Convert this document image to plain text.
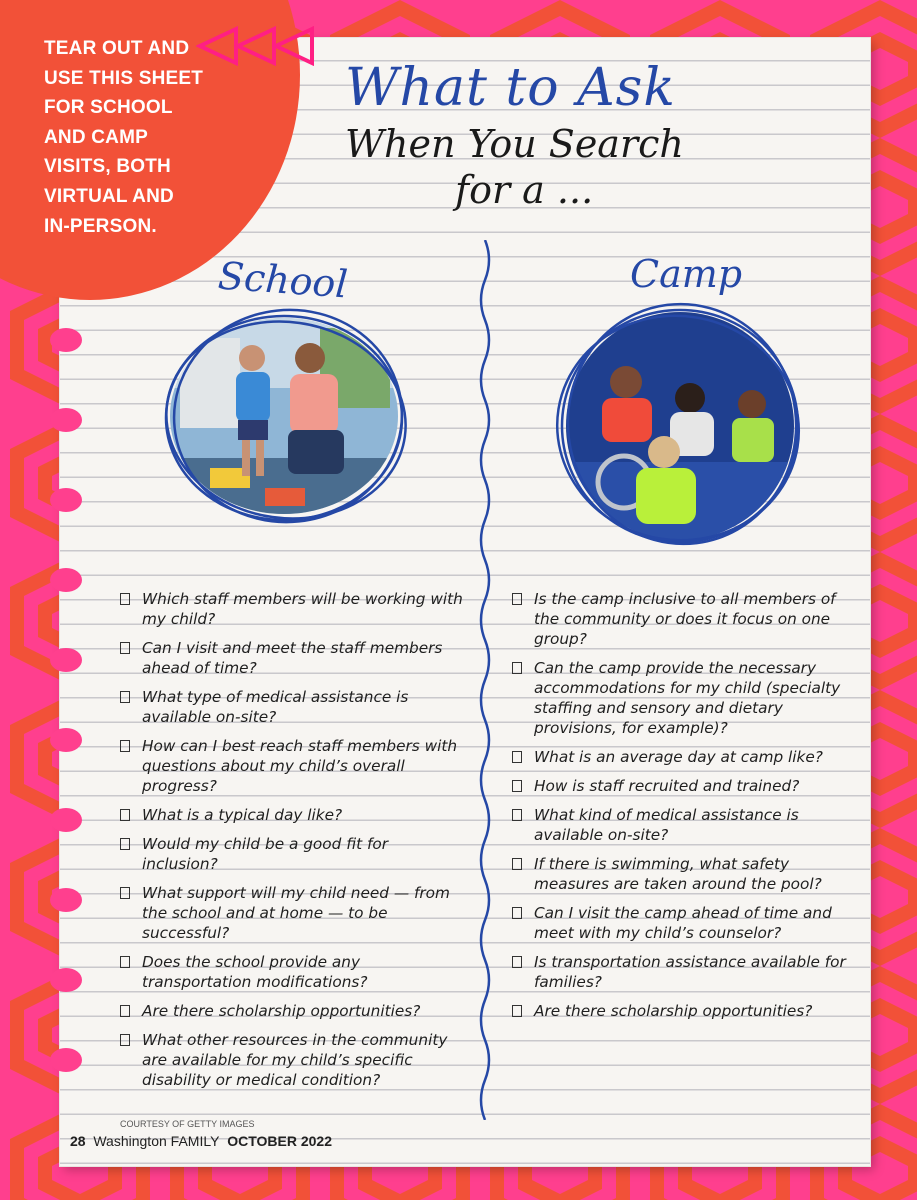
TEAR OUT AND
USE THIS SHEET
FOR SCHOOL
AND CAMP
VISITS, BOTH
VIRTUAL AND
IN-PERSON.
What to Ask
When You Search
for a ...
School	Camp
Which staff members will be working with my child?
Can I visit and meet the staff members ahead of time?
What type of medical assistance is available on-site?
How can I best reach staff members with questions about my child’s overall progress?
What is a typical day like?
Would my child be a good fit for inclusion?
What support will my child need — from the school and at home — to be successful?
Does the school provide any transportation modifications?
Are there scholarship opportunities?
What other resources in the community are available for my child’s specific disability or medical condition?
Is the camp inclusive to all members of the community or does it focus on one group?
Can the camp provide the necessary accommodations for my child (specialty staffing and sensory and dietary provisions, for example)?
What is an average day at camp like?
How is staff recruited and trained?
What kind of medical assistance is available on-site?
If there is swimming, what safety measures are taken around the pool?
Can I visit the camp ahead of time and meet with my child’s counselor?
Is transportation assistance available for families?
Are there scholarship opportunities?
COURTESY OF GETTY IMAGES
28 Washington FAMILY OCTOBER 2022
